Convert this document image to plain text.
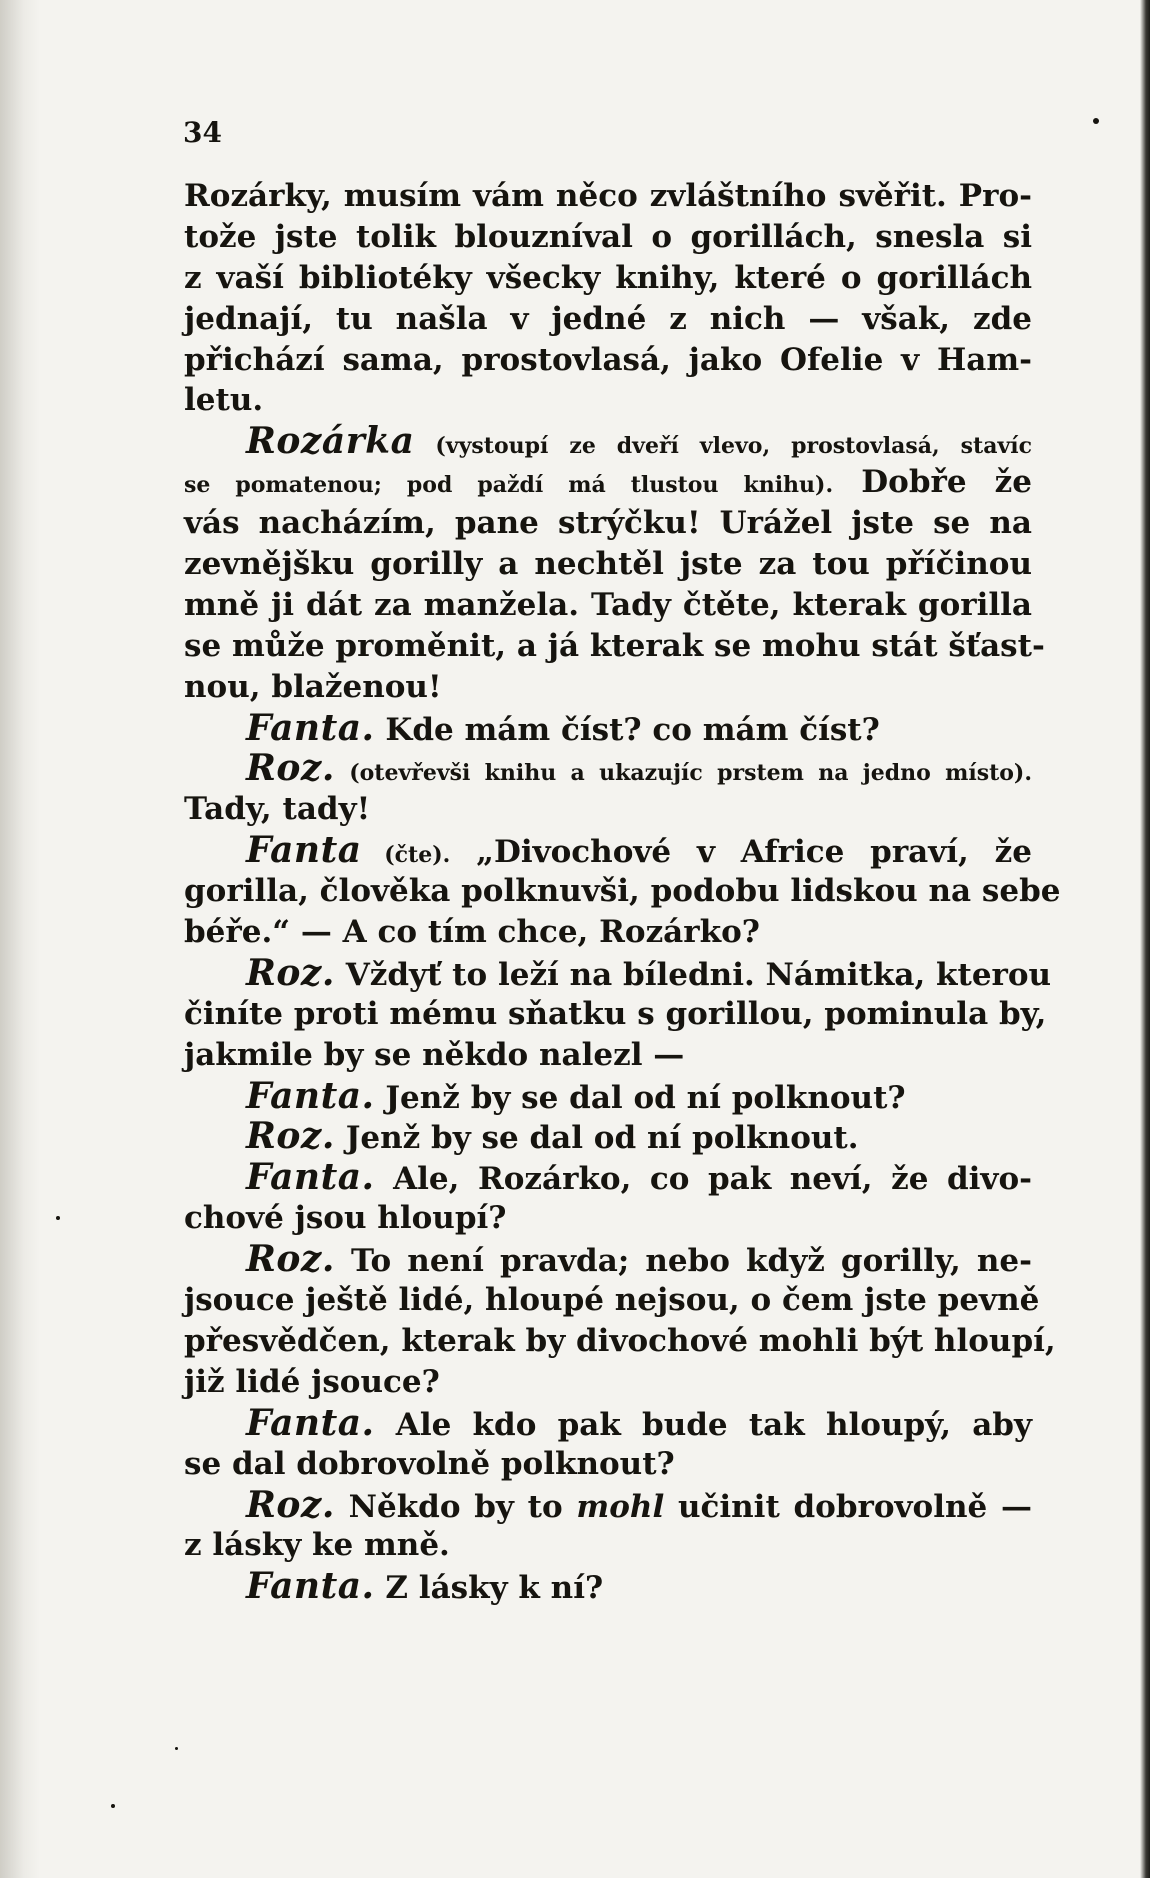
34
Rozárky, musím vám něco zvláštního svěřit. Pro-
tože jste tolik blouzníval o gorillách, snesla si
z vaší bibliotéky všecky knihy, které o gorillách
jednají, tu našla v jedné z nich — však, zde
přichází sama, prostovlasá, jako Ofelie v Ham-
letu.
Rozárka (vystoupí ze dveří vlevo, prostovlasá, stavíc
se pomatenou; pod paždí má tlustou knihu). Dobře že
vás nacházím, pane strýčku! Urážel jste se na
zevnějšku gorilly a nechtěl jste za tou příčinou
mně ji dát za manžela. Tady čtěte, kterak gorilla
se může proměnit, a já kterak se mohu stát šťast-
nou, blaženou!
Fanta. Kde mám číst? co mám číst?
Roz. (otevřevši knihu a ukazujíc prstem na jedno místo).
Tady, tady!
Fanta (čte). „Divochové v Africe praví, že
gorilla, člověka polknuvši, podobu lidskou na sebe
béře.“ — A co tím chce, Rozárko?
Roz. Vždyť to leží na bíledni. Námitka, kterou
činíte proti mému sňatku s gorillou, pominula by,
jakmile by se někdo nalezl —
Fanta. Jenž by se dal od ní polknout?
Roz. Jenž by se dal od ní polknout.
Fanta. Ale, Rozárko, co pak neví, že divo-
chové jsou hloupí?
Roz. To není pravda; nebo když gorilly, ne-
jsouce ještě lidé, hloupé nejsou, o čem jste pevně
přesvědčen, kterak by divochové mohli být hloupí,
již lidé jsouce?
Fanta. Ale kdo pak bude tak hloupý, aby
se dal dobrovolně polknout?
Roz. Někdo by to mohl učinit dobrovolně —
z lásky ke mně.
Fanta. Z lásky k ní?
